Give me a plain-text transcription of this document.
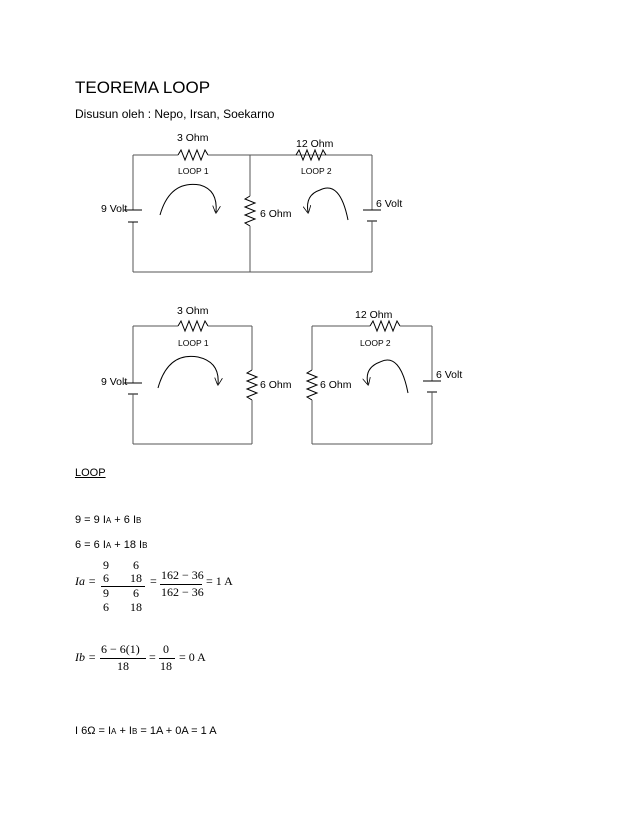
TEOREMA LOOP
Disusun oleh : Nepo, Irsan, Soekarno
3 Ohm	12 Ohm
6 Ohm
9 Volt	6 Volt
LOOP 1	LOOP 2
3 Ohm	12 Ohm
6 Ohm	6 Ohm
9 Volt
6 Volt
LOOP 1	LOOP 2
LOOP
9 = 9 IA + 6 IB
6 = 6 IA + 18 IB
Ia =
9 6
6 18
9 6
6 18
= 162 − 36
162 − 36
= 1 A
Ib =
6 − 6(1)
18
=
0
18
= 0 A
I 6Ω = IA + IB = 1A + 0A = 1 A
